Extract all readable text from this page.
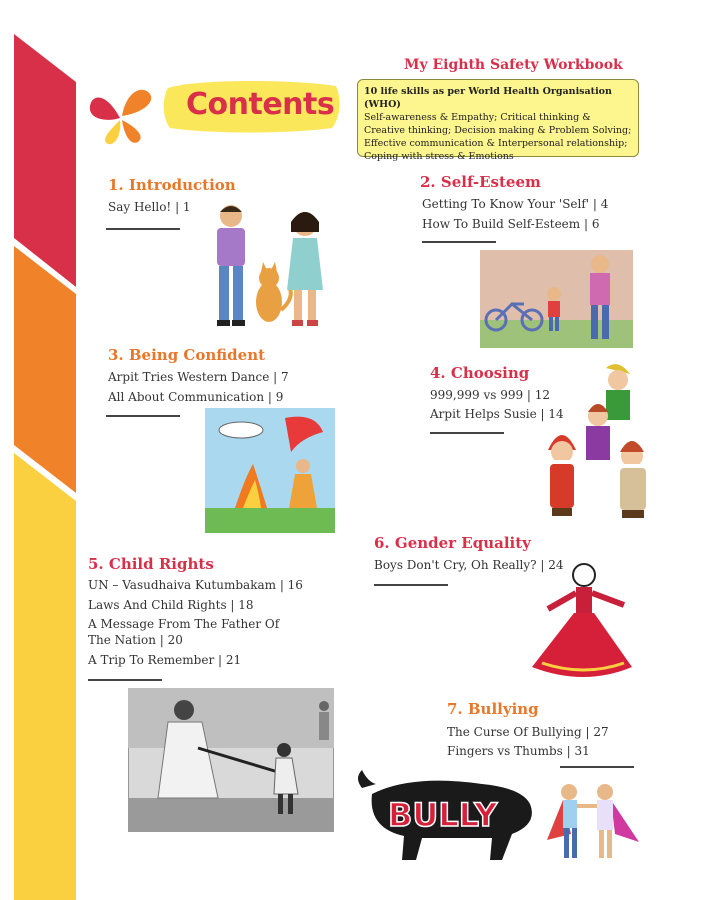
Contents
My Eighth Safety Workbook
10 life skills as per World Health Organisation (WHO)
Self-awareness & Empathy; Critical thinking & Creative thinking; Decision making & Problem Solving; Effective communication & Interpersonal relationship; Coping with stress & Emotions
1. Introduction
Say Hello! | 1
2. Self-Esteem
Getting To Know Your 'Self' | 4
How To Build Self-Esteem | 6
3. Being Confident
Arpit Tries Western Dance | 7
All About Communication | 9
4. Choosing
999,999 vs 999 | 12
Arpit Helps Susie | 14
5. Child Rights
UN – Vasudhaiva Kutumbakam | 16
Laws And Child Rights | 18
A Message From The Father Of
The Nation | 20
A Trip To Remember | 21
6. Gender Equality
Boys Don't Cry, Oh Really? | 24
7. Bullying
The Curse Of Bullying | 27
Fingers vs Thumbs | 31
BULLY
